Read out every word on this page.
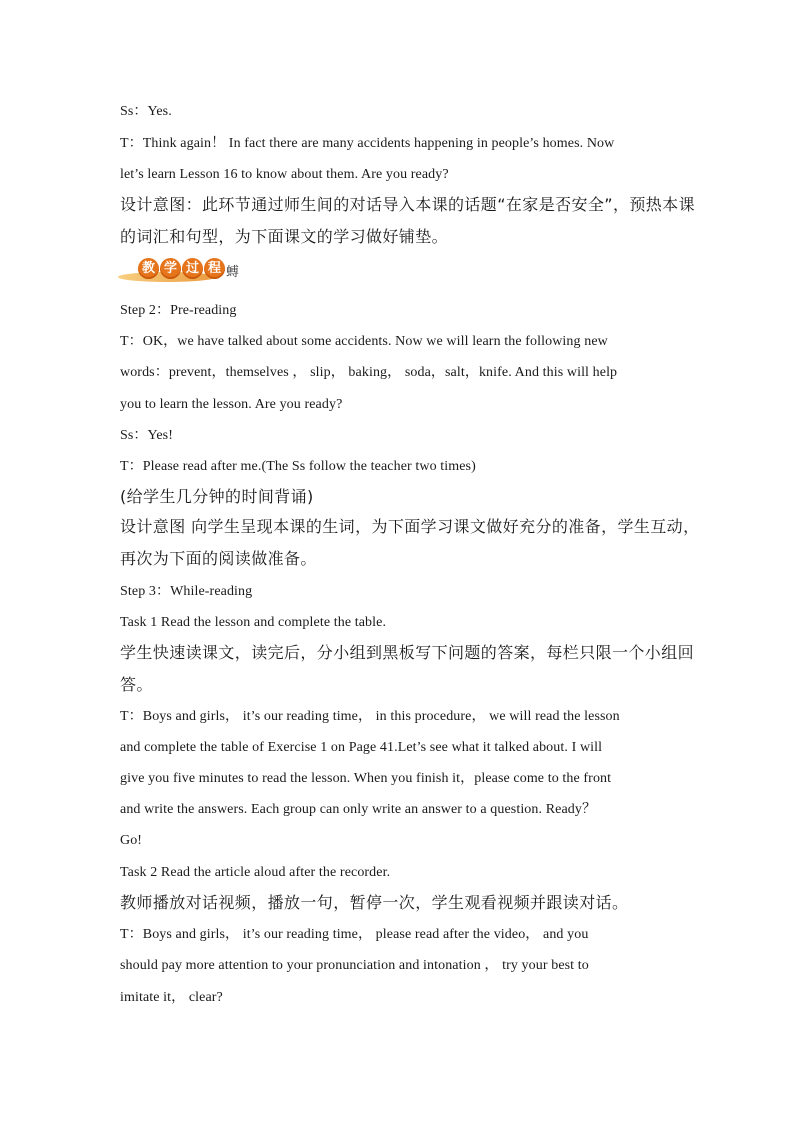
Ss：Yes.
T：Think again！ In fact there are many accidents happening in people’s homes. Now
let’s learn Lesson 16 to know about them. Are you ready?
设计意图：此环节通过师生间的对话导入本课的话题“在家是否安全”，预热本课
的词汇和句型，为下面课文的学习做好铺垫。
教 学 过 程 䗚
Step 2：Pre-reading
T：OK，we have talked about some accidents. Now we will learn the following new
words：prevent，themselves ， slip， baking， soda，salt，knife. And this will help
you to learn the lesson. Are you ready?
Ss：Yes!
T：Please read after me.(The Ss follow the teacher two times)
(给学生几分钟的时间背诵)
设计意图 向学生呈现本课的生词，为下面学习课文做好充分的准备，学生互动，
再次为下面的阅读做准备。
Step 3：While-reading
Task 1 Read the lesson and complete the table.
学生快速读课文，读完后，分小组到黑板写下问题的答案，每栏只限一个小组回
答。
T：Boys and girls， it’s our reading time， in this procedure， we will read the lesson
and complete the table of Exercise 1 on Page 41.Let’s see what it talked about. I will
give you five minutes to read the lesson. When you finish it，please come to the front
and write the answers. Each group can only write an answer to a question. Ready？
Go!
Task 2 Read the article aloud after the recorder.
教师播放对话视频，播放一句，暂停一次，学生观看视频并跟读对话。
T：Boys and girls， it’s our reading time， please read after the video， and you
should pay more attention to your pronunciation and intonation ， try your best to
imitate it， clear?
